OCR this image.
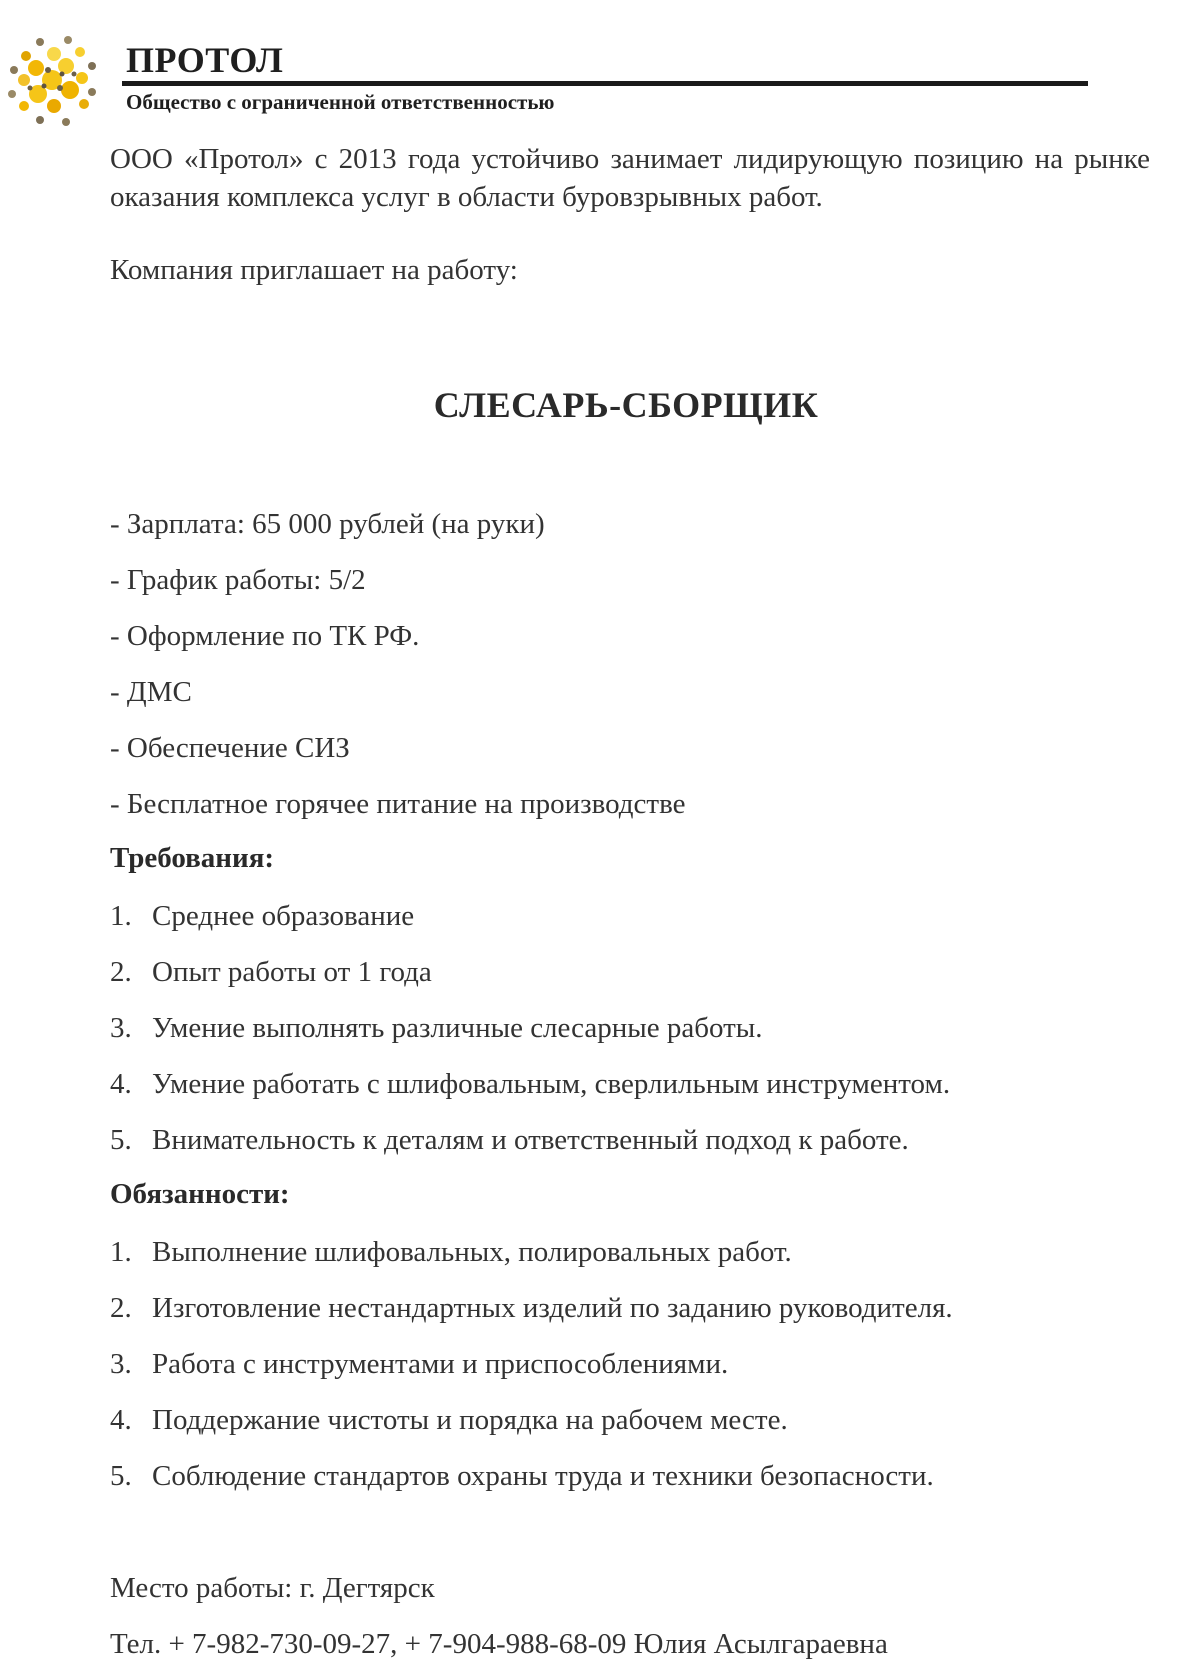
ПРОТОЛ
Общество с ограниченной ответственностью
ООО «Протол» с 2013 года устойчиво занимает лидирующую позицию на рынке оказания комплекса услуг в области буровзрывных работ.
Компания приглашает на работу:
СЛЕСАРЬ-СБОРЩИК
- Зарплата: 65 000 рублей (на руки)
- График работы: 5/2
- Оформление по ТК РФ.
- ДМС
- Обеспечение СИЗ
- Бесплатное горячее питание на производстве
Требования:
1. Среднее образование
2. Опыт работы от 1 года
3. Умение выполнять различные слесарные работы.
4. Умение работать с шлифовальным, сверлильным инструментом.
5. Внимательность к деталям и ответственный подход к работе.
Обязанности:
1. Выполнение шлифовальных, полировальных работ.
2. Изготовление нестандартных изделий по заданию руководителя.
3. Работа с инструментами и приспособлениями.
4. Поддержание чистоты и порядка на рабочем месте.
5. Соблюдение стандартов охраны труда и техники безопасности.
Место работы: г. Дегтярск
Тел. + 7-982-730-09-27, + 7-904-988-68-09 Юлия Асылгараевна
